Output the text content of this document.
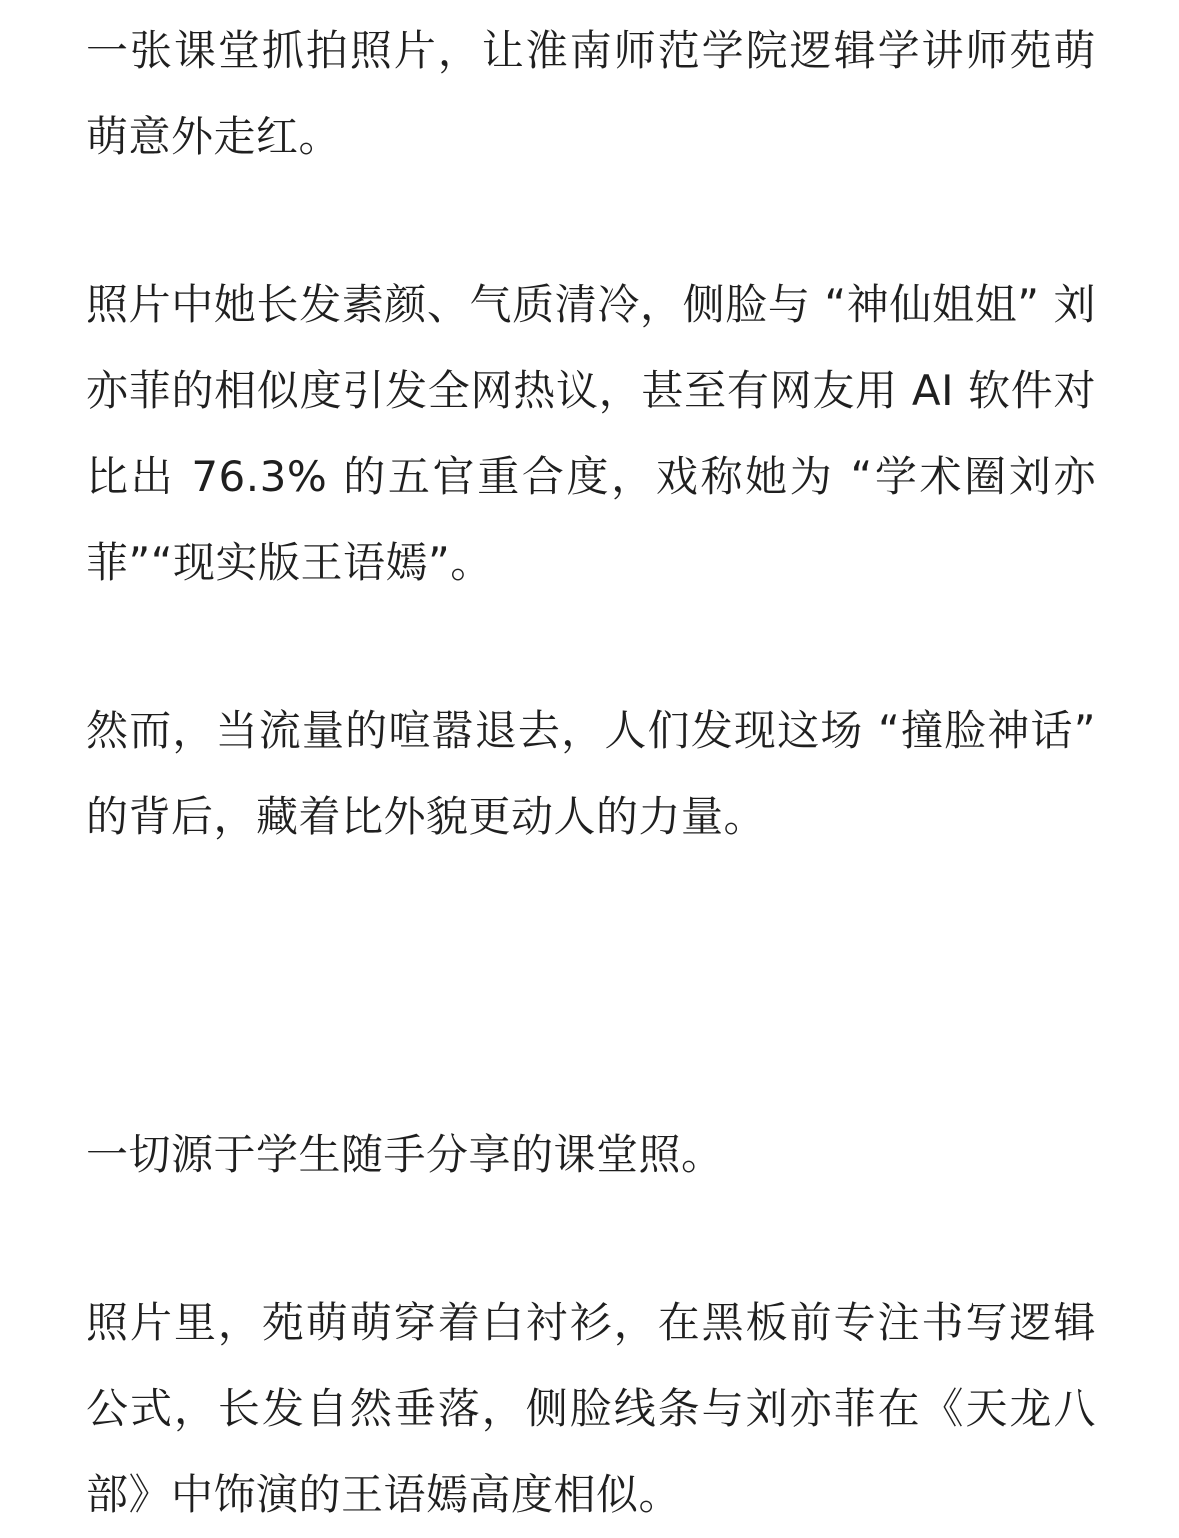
一张课堂抓拍照片，让淮南师范学院逻辑学讲师苑萌萌意外走红。

照片中她长发素颜、气质清冷，侧脸与 “神仙姐姐” 刘亦菲的相似度引发全网热议，甚至有网友用 AI 软件对比出 76.3% 的五官重合度，戏称她为 “学术圈刘亦菲”“现实版王语嫣”。

然而，当流量的喧嚣退去，人们发现这场 “撞脸神话” 的背后，藏着比外貌更动人的力量。

一切源于学生随手分享的课堂照。

照片里，苑萌萌穿着白衬衫，在黑板前专注书写逻辑公式，长发自然垂落，侧脸线条与刘亦菲在《天龙八部》中饰演的王语嫣高度相似。
